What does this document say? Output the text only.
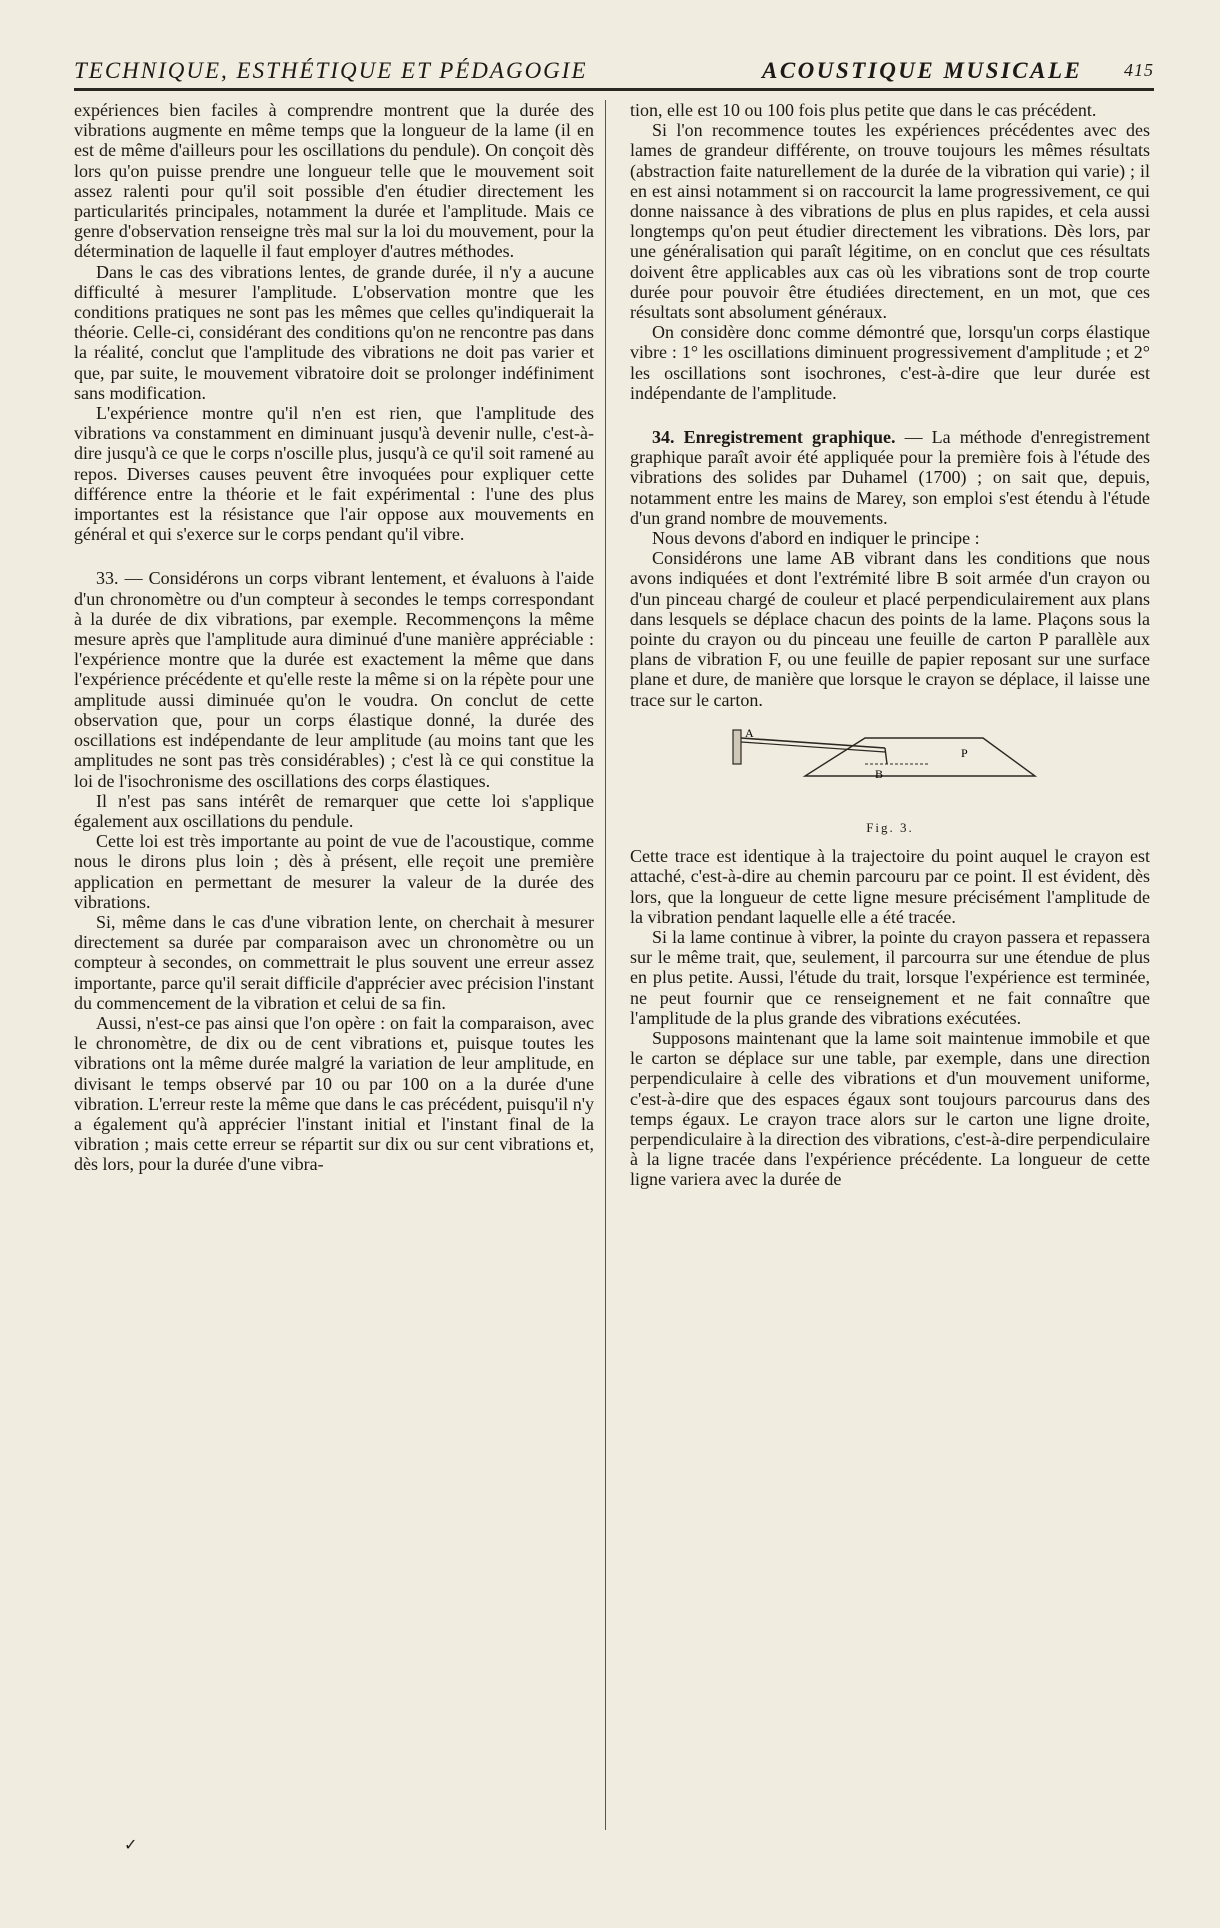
TECHNIQUE, ESTHÉTIQUE ET PÉDAGOGIE	ACOUSTIQUE MUSICALE 415

expériences bien faciles à comprendre montrent que la durée des vibrations augmente en même temps que la longueur de la lame (il en est de même d'ailleurs pour les oscillations du pendule). On conçoit dès lors qu'on puisse prendre une longueur telle que le mouvement soit assez ralenti pour qu'il soit possible d'en étudier directement les particularités principales, notamment la durée et l'amplitude. Mais ce genre d'observation renseigne très mal sur la loi du mouvement, pour la détermination de laquelle il faut employer d'autres méthodes.

Dans le cas des vibrations lentes, de grande durée, il n'y a aucune difficulté à mesurer l'amplitude. L'observation montre que les conditions pratiques ne sont pas les mêmes que celles qu'indiquerait la théorie. Celle-ci, considérant des conditions qu'on ne rencontre pas dans la réalité, conclut que l'amplitude des vibrations ne doit pas varier et que, par suite, le mouvement vibratoire doit se prolonger indéfiniment sans modification.

L'expérience montre qu'il n'en est rien, que l'amplitude des vibrations va constamment en diminuant jusqu'à devenir nulle, c'est-à-dire jusqu'à ce que le corps n'oscille plus, jusqu'à ce qu'il soit ramené au repos. Diverses causes peuvent être invoquées pour expliquer cette différence entre la théorie et le fait expérimental : l'une des plus importantes est la résistance que l'air oppose aux mouvements en général et qui s'exerce sur le corps pendant qu'il vibre.

33. — Considérons un corps vibrant lentement, et évaluons à l'aide d'un chronomètre ou d'un compteur à secondes le temps correspondant à la durée de dix vibrations, par exemple. Recommençons la même mesure après que l'amplitude aura diminué d'une manière appréciable : l'expérience montre que la durée est exactement la même que dans l'expérience précédente et qu'elle reste la même si on la répète pour une amplitude aussi diminuée qu'on le voudra. On conclut de cette observation que, pour un corps élastique donné, la durée des oscillations est indépendante de leur amplitude (au moins tant que les amplitudes ne sont pas très considérables) ; c'est là ce qui constitue la loi de l'isochronisme des oscillations des corps élastiques.

Il n'est pas sans intérêt de remarquer que cette loi s'applique également aux oscillations du pendule.

Cette loi est très importante au point de vue de l'acoustique, comme nous le dirons plus loin ; dès à présent, elle reçoit une première application en permettant de mesurer la valeur de la durée des vibrations.

Si, même dans le cas d'une vibration lente, on cherchait à mesurer directement sa durée par comparaison avec un chronomètre ou un compteur à secondes, on commettrait le plus souvent une erreur assez importante, parce qu'il serait difficile d'apprécier avec précision l'instant du commencement de la vibration et celui de sa fin.

Aussi, n'est-ce pas ainsi que l'on opère : on fait la comparaison, avec le chronomètre, de dix ou de cent vibrations et, puisque toutes les vibrations ont la même durée malgré la variation de leur amplitude, en divisant le temps observé par 10 ou par 100 on a la durée d'une vibration. L'erreur reste la même que dans le cas précédent, puisqu'il n'y a également qu'à apprécier l'instant initial et l'instant final de la vibration ; mais cette erreur se répartit sur dix ou sur cent vibrations et, dès lors, pour la durée d'une vibra-

tion, elle est 10 ou 100 fois plus petite que dans le cas précédent.

Si l'on recommence toutes les expériences précédentes avec des lames de grandeur différente, on trouve toujours les mêmes résultats (abstraction faite naturellement de la durée de la vibration qui varie) ; il en est ainsi notamment si on raccourcit la lame progressivement, ce qui donne naissance à des vibrations de plus en plus rapides, et cela aussi longtemps qu'on peut étudier directement les vibrations. Dès lors, par une généralisation qui paraît légitime, on en conclut que ces résultats doivent être applicables aux cas où les vibrations sont de trop courte durée pour pouvoir être étudiées directement, en un mot, que ces résultats sont absolument généraux.

On considère donc comme démontré que, lorsqu'un corps élastique vibre : 1° les oscillations diminuent progressivement d'amplitude ; et 2° les oscillations sont isochrones, c'est-à-dire que leur durée est indépendante de l'amplitude.

34. Enregistrement graphique. — La méthode d'enregistrement graphique paraît avoir été appliquée pour la première fois à l'étude des vibrations des solides par Duhamel (1700) ; on sait que, depuis, notamment entre les mains de Marey, son emploi s'est étendu à l'étude d'un grand nombre de mouvements.

Nous devons d'abord en indiquer le principe :

Considérons une lame AB vibrant dans les conditions que nous avons indiquées et dont l'extrémité libre B soit armée d'un crayon ou d'un pinceau chargé de couleur et placé perpendiculairement aux plans dans lesquels se déplace chacun des points de la lame. Plaçons sous la pointe du crayon ou du pinceau une feuille de carton P parallèle aux plans de vibration F, ou une feuille de papier reposant sur une surface plane et dure, de manière que lorsque le crayon se déplace, il laisse une trace sur le carton.

A
B
P
Fig. 3.

Cette trace est identique à la trajectoire du point auquel le crayon est attaché, c'est-à-dire au chemin parcouru par ce point. Il est évident, dès lors, que la longueur de cette ligne mesure précisément l'amplitude de la vibration pendant laquelle elle a été tracée.

Si la lame continue à vibrer, la pointe du crayon passera et repassera sur le même trait, que, seulement, il parcourra sur une étendue de plus en plus petite. Aussi, l'étude du trait, lorsque l'expérience est terminée, ne peut fournir que ce renseignement et ne fait connaître que l'amplitude de la plus grande des vibrations exécutées.

Supposons maintenant que la lame soit maintenue immobile et que le carton se déplace sur une table, par exemple, dans une direction perpendiculaire à celle des vibrations et d'un mouvement uniforme, c'est-à-dire que des espaces égaux sont toujours parcourus dans des temps égaux. Le crayon trace alors sur le carton une ligne droite, perpendiculaire à la direction des vibrations, c'est-à-dire perpendiculaire à la ligne tracée dans l'expérience précédente. La longueur de cette ligne variera avec la durée de

✓
